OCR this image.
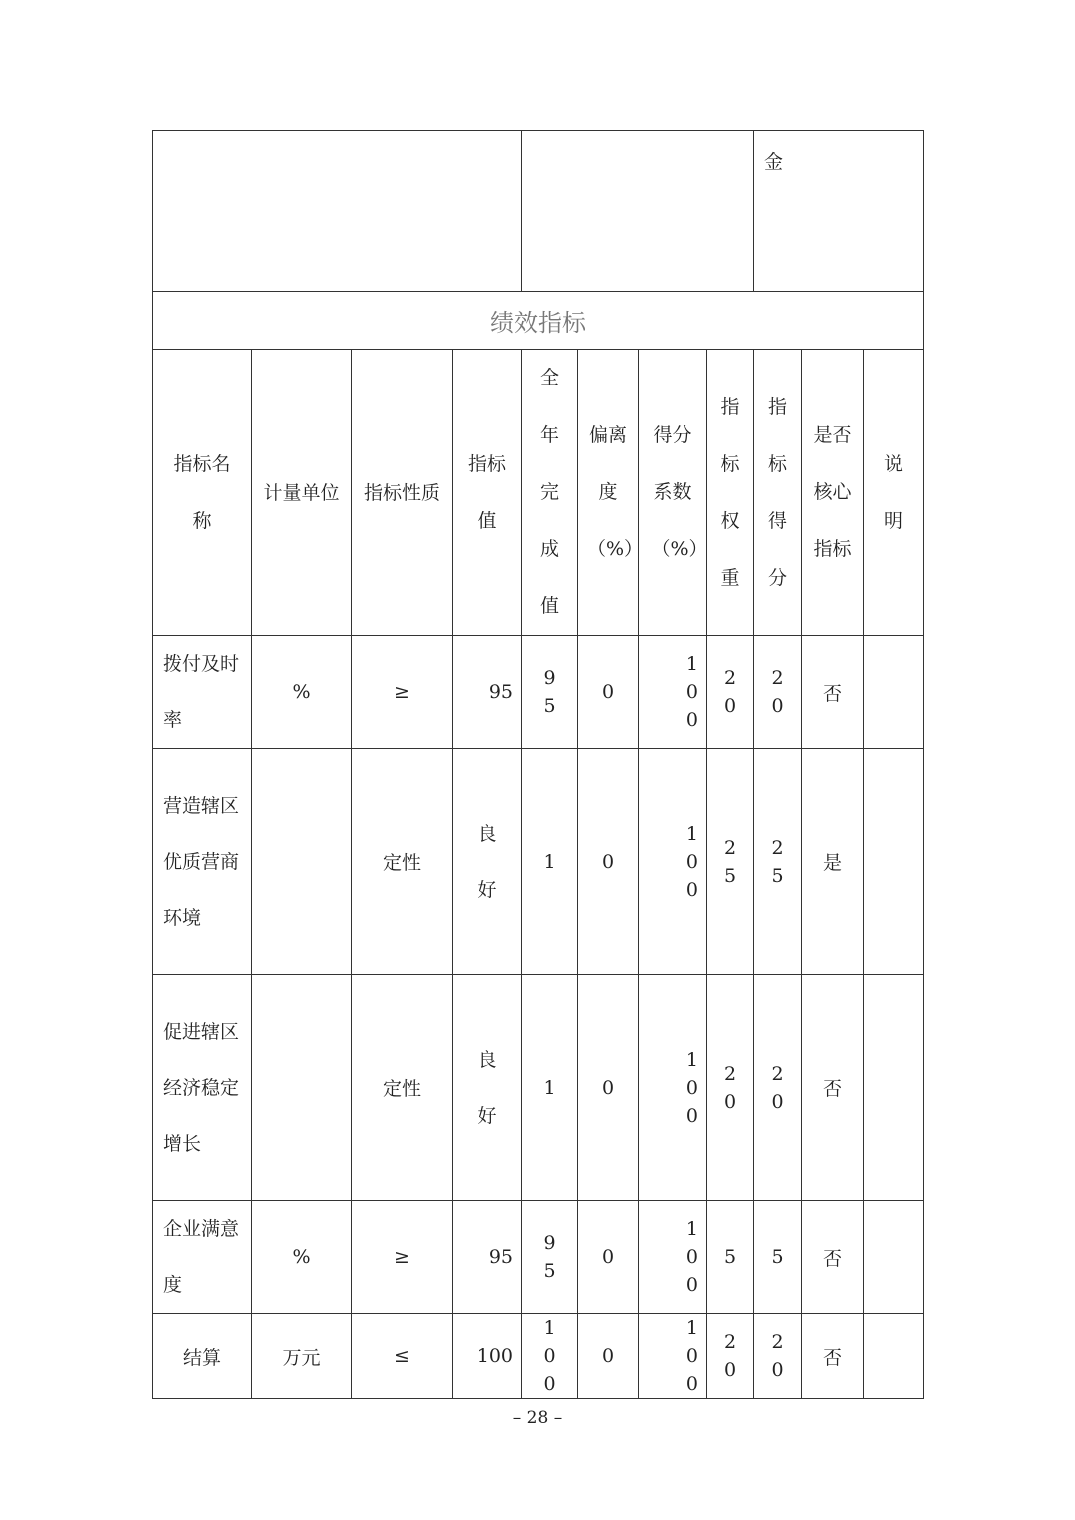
								金		
绩效指标										

指标名称	计量单位	指标性质	指标值	全年完成值	偏离度（%）	得分系数（%）	指标权重	指标得分	是否核心指标	说明

拨付及时率	%	≥	95	95	0	100	20	20	否	
营造辖区优质营商环境		定性	良好	1	0	100	25	25	是	
促进辖区经济稳定增长		定性	良好	1	0	100	20	20	否	
企业满意度	%	≥	95	95	0	100	5	5	否	
结算	万元	≤	100	100	0	100	20	20	否	
– 28 –
